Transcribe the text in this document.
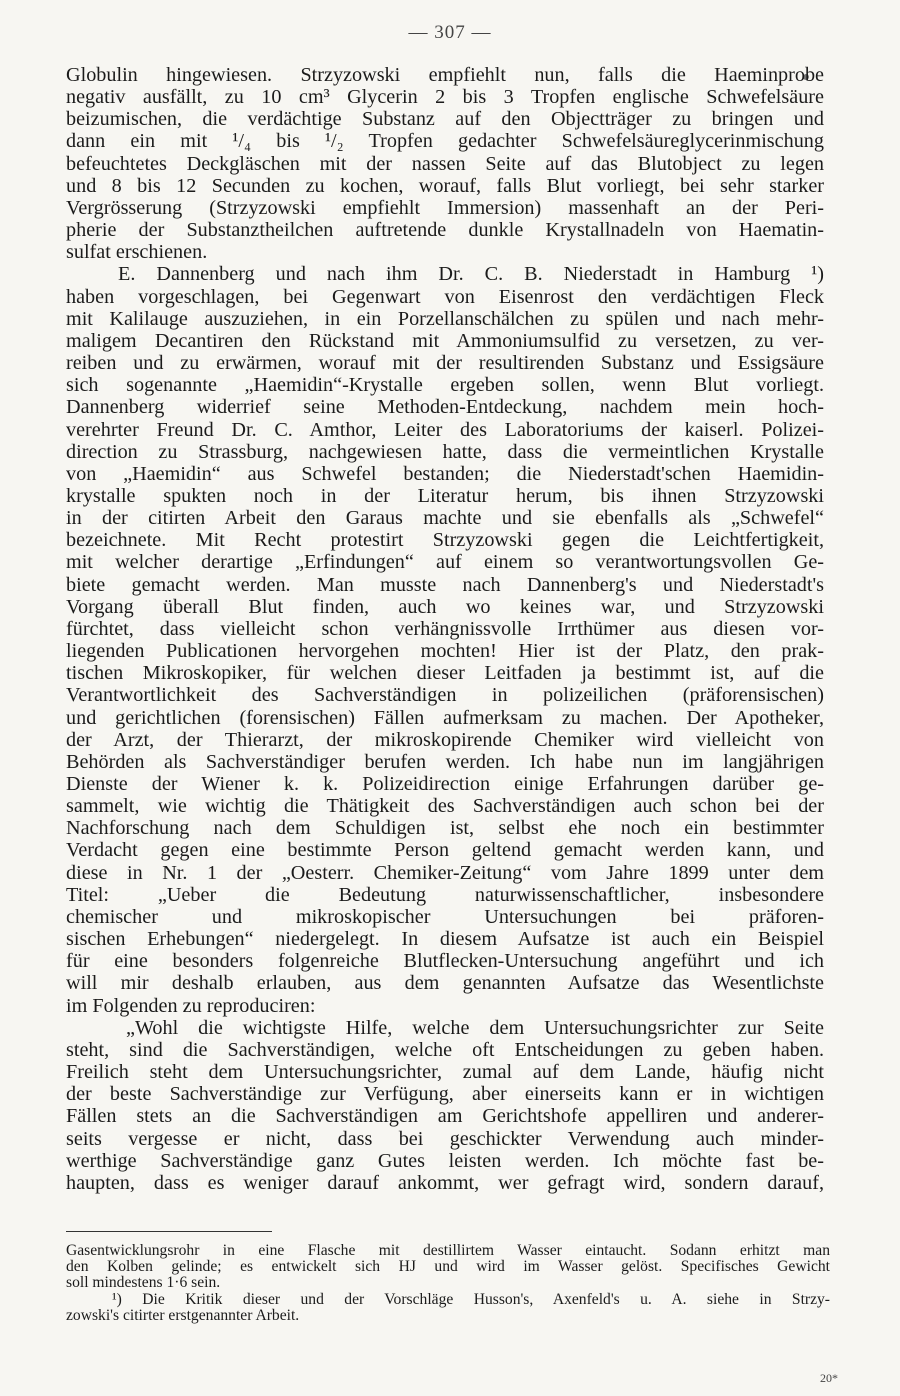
— 307 —

Globulin hingewiesen. Strzyzowski empfiehlt nun, falls die Haeminprobe

negativ ausfällt, zu 10 cm³ Glycerin 2 bis 3 Tropfen englische Schwefelsäure

beizumischen, die verdächtige Substanz auf den Objectträger zu bringen und

dann ein mit ¹/₄ bis ¹/₂ Tropfen gedachter Schwefelsäureglycerinmischung

befeuchtetes Deckgläschen mit der nassen Seite auf das Blutobject zu legen

und 8 bis 12 Secunden zu kochen, worauf, falls Blut vorliegt, bei sehr starker

Vergrösserung (Strzyzowski empfiehlt Immersion) massenhaft an der Peri-

pherie der Substanztheilchen auftretende dunkle Krystallnadeln von Haematin-

sulfat erschienen.

E. Dannenberg und nach ihm Dr. C. B. Niederstadt in Hamburg ¹)

haben vorgeschlagen, bei Gegenwart von Eisenrost den verdächtigen Fleck

mit Kalilauge auszuziehen, in ein Porzellanschälchen zu spülen und nach mehr-

maligem Decantiren den Rückstand mit Ammoniumsulfid zu versetzen, zu ver-

reiben und zu erwärmen, worauf mit der resultirenden Substanz und Essigsäure

sich sogenannte „Haemidin“-Krystalle ergeben sollen, wenn Blut vorliegt.

Dannenberg widerrief seine Methoden-Entdeckung, nachdem mein hoch-

verehrter Freund Dr. C. Amthor, Leiter des Laboratoriums der kaiserl. Polizei-

direction zu Strassburg, nachgewiesen hatte, dass die vermeintlichen Krystalle

von „Haemidin“ aus Schwefel bestanden; die Niederstadt'schen Haemidin-

krystalle spukten noch in der Literatur herum, bis ihnen Strzyzowski

in der citirten Arbeit den Garaus machte und sie ebenfalls als „Schwefel“

bezeichnete. Mit Recht protestirt Strzyzowski gegen die Leichtfertigkeit,

mit welcher derartige „Erfindungen“ auf einem so verantwortungsvollen Ge-

biete gemacht werden. Man musste nach Dannenberg's und Niederstadt's

Vorgang überall Blut finden, auch wo keines war, und Strzyzowski

fürchtet, dass vielleicht schon verhängnissvolle Irrthümer aus diesen vor-

liegenden Publicationen hervorgehen mochten! Hier ist der Platz, den prak-

tischen Mikroskopiker, für welchen dieser Leitfaden ja bestimmt ist, auf die

Verantwortlichkeit des Sachverständigen in polizeilichen (präforensischen)

und gerichtlichen (forensischen) Fällen aufmerksam zu machen. Der Apotheker,

der Arzt, der Thierarzt, der mikroskopirende Chemiker wird vielleicht von

Behörden als Sachverständiger berufen werden. Ich habe nun im langjährigen

Dienste der Wiener k. k. Polizeidirection einige Erfahrungen darüber ge-

sammelt, wie wichtig die Thätigkeit des Sachverständigen auch schon bei der

Nachforschung nach dem Schuldigen ist, selbst ehe noch ein bestimmter

Verdacht gegen eine bestimmte Person geltend gemacht werden kann, und

diese in Nr. 1 der „Oesterr. Chemiker-Zeitung“ vom Jahre 1899 unter dem

Titel: „Ueber die Bedeutung naturwissenschaftlicher, insbesondere

chemischer und mikroskopischer Untersuchungen bei präforen-

sischen Erhebungen“ niedergelegt. In diesem Aufsatze ist auch ein Beispiel

für eine besonders folgenreiche Blutflecken-Untersuchung angeführt und ich

will mir deshalb erlauben, aus dem genannten Aufsatze das Wesentlichste

im Folgenden zu reproduciren:

„Wohl die wichtigste Hilfe, welche dem Untersuchungsrichter zur Seite

steht, sind die Sachverständigen, welche oft Entscheidungen zu geben haben.

Freilich steht dem Untersuchungsrichter, zumal auf dem Lande, häufig nicht

der beste Sachverständige zur Verfügung, aber einerseits kann er in wichtigen

Fällen stets an die Sachverständigen am Gerichtshofe appelliren und anderer-

seits vergesse er nicht, dass bei geschickter Verwendung auch minder-

werthige Sachverständige ganz Gutes leisten werden. Ich möchte fast be-

haupten, dass es weniger darauf ankommt, wer gefragt wird, sondern darauf,

Gasentwicklungsrohr in eine Flasche mit destillirtem Wasser eintaucht. Sodann erhitzt man

den Kolben gelinde; es entwickelt sich HJ und wird im Wasser gelöst. Specifisches Gewicht

soll mindestens 1·6 sein.

¹) Die Kritik dieser und der Vorschläge Husson's, Axenfeld's u. A. siehe in Strzy-

zowski's citirter erstgenannter Arbeit.

20*
